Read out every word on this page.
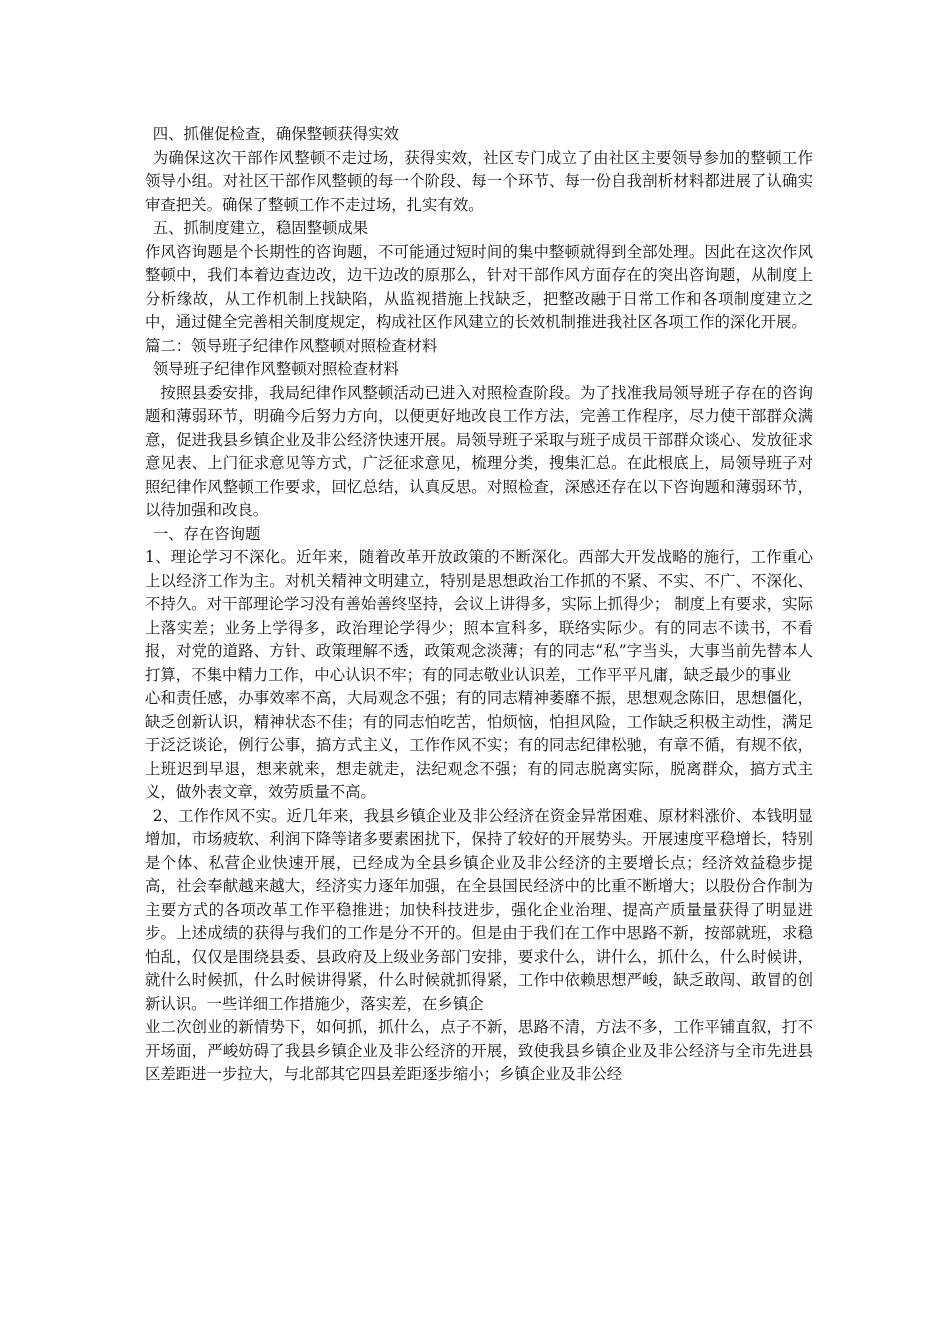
四、抓催促检查，确保整顿获得实效

为确保这次干部作风整顿不走过场，获得实效，社区专门成立了由社区主要领导参加的整顿工作领导小组。对社区干部作风整顿的每一个阶段、每一个环节、每一份自我剖析材料都进展了认确实审查把关。确保了整顿工作不走过场，扎实有效。

五、抓制度建立，稳固整顿成果

作风咨询题是个长期性的咨询题，不可能通过短时间的集中整顿就得到全部处理。因此在这次作风整顿中，我们本着边查边改，边干边改的原那么，针对干部作风方面存在的突出咨询题，从制度上分析缘故，从工作机制上找缺陷，从监视措施上找缺乏，把整改融于日常工作和各项制度建立之中，通过健全完善相关制度规定，构成社区作风建立的长效机制推进我社区各项工作的深化开展。

篇二：领导班子纪律作风整顿对照检查材料

领导班子纪律作风整顿对照检查材料

按照县委安排，我局纪律作风整顿活动已进入对照检查阶段。为了找准我局领导班子存在的咨询题和薄弱环节，明确今后努力方向，以便更好地改良工作方法，完善工作程序，尽力使干部群众满意，促进我县乡镇企业及非公经济快速开展。局领导班子采取与班子成员干部群众谈心、发放征求意见表、上门征求意见等方式，广泛征求意见，梳理分类，搜集汇总。在此根底上，局领导班子对照纪律作风整顿工作要求，回忆总结，认真反思。对照检查，深感还存在以下咨询题和薄弱环节，以待加强和改良。

一、存在咨询题

1、理论学习不深化。近年来，随着改革开放政策的不断深化。西部大开发战略的施行，工作重心上以经济工作为主。对机关精神文明建立，特别是思想政治工作抓的不紧、不实、不广、不深化、不持久。对干部理论学习没有善始善终坚持，会议上讲得多，实际上抓得少； 制度上有要求，实际上落实差；业务上学得多，政治理论学得少；照本宣科多，联络实际少。有的同志不读书，不看报，对党的道路、方针、政策理解不透，政策观念淡薄；有的同志“私”字当头，大事当前先替本人打算，不集中精力工作，中心认识不牢；有的同志敬业认识差，工作平平凡庸，缺乏最少的事业

心和责任感，办事效率不高，大局观念不强；有的同志精神萎靡不振，思想观念陈旧，思想僵化，缺乏创新认识，精神状态不佳；有的同志怕吃苦，怕烦恼，怕担风险，工作缺乏积极主动性，满足于泛泛谈论，例行公事，搞方式主义，工作作风不实；有的同志纪律松驰，有章不循，有规不依，上班迟到早退，想来就来，想走就走，法纪观念不强；有的同志脱离实际，脱离群众，搞方式主义，做外表文章，效劳质量不高。

2、工作作风不实。近几年来，我县乡镇企业及非公经济在资金异常困难、原材料涨价、本钱明显增加，市场疲软、利润下降等诸多要素困扰下，保持了较好的开展势头。开展速度平稳增长，特别是个体、私营企业快速开展，已经成为全县乡镇企业及非公经济的主要增长点；经济效益稳步提高，社会奉献越来越大，经济实力逐年加强，在全县国民经济中的比重不断增大；以股份合作制为主要方式的各项改革工作平稳推进；加快科技进步，强化企业治理、提高产质量量获得了明显进步。上述成绩的获得与我们的工作是分不开的。但是由于我们在工作中思路不新，按部就班，求稳怕乱，仅仅是围绕县委、县政府及上级业务部门安排，要求什么，讲什么，抓什么，什么时候讲，就什么时候抓，什么时候讲得紧，什么时候就抓得紧，工作中依赖思想严峻，缺乏敢闯、敢冒的创新认识。一些详细工作措施少，落实差，在乡镇企

业二次创业的新情势下，如何抓，抓什么，点子不新，思路不清，方法不多，工作平铺直叙，打不开场面，严峻妨碍了我县乡镇企业及非公经济的开展，致使我县乡镇企业及非公经济与全市先进县区差距进一步拉大，与北部其它四县差距逐步缩小；乡镇企业及非公经
